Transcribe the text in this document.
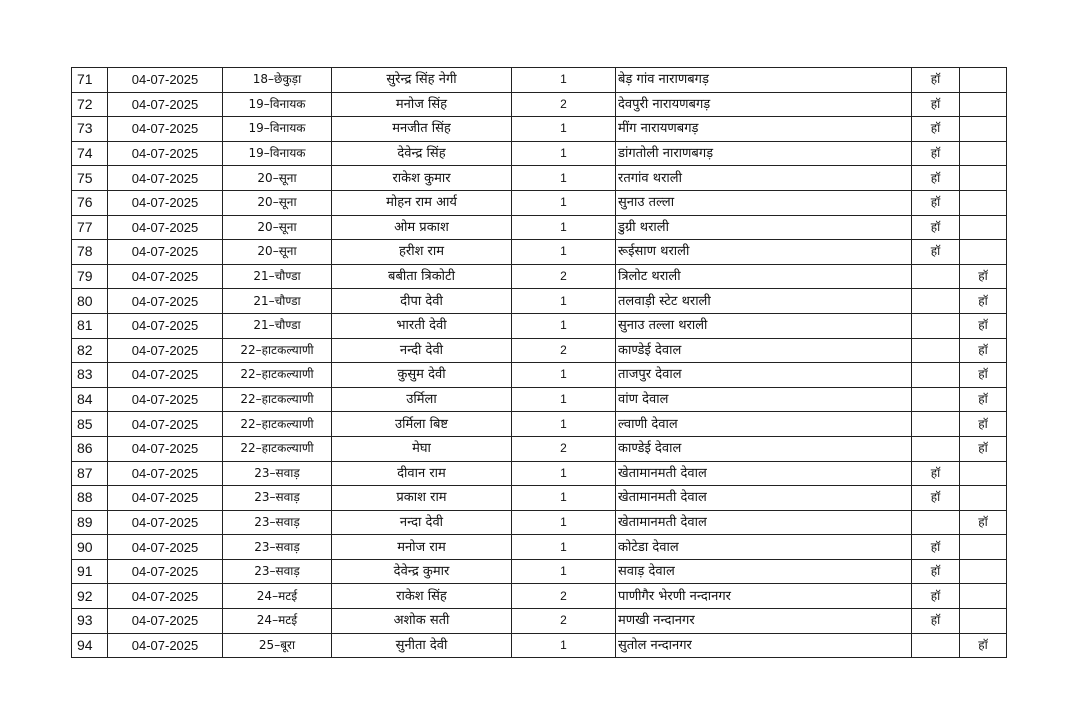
71	04-07-2025	18–छेकुड़ा	सुरेन्द्र सिंह नेगी	1	बेड़ गांव नाराणबगड़	हॉ	
72	04-07-2025	19–विनायक	मनोज सिंह	2	देवपुरी नारायणबगड़	हॉ	
73	04-07-2025	19–विनायक	मनजीत सिंह	1	मींग नारायणबगड़	हॉ	
74	04-07-2025	19–विनायक	देवेन्द्र सिंह	1	डांगतोली नाराणबगड़	हॉ	
75	04-07-2025	20–सूना	राकेश कुमार	1	रतगांव थराली	हॉ	
76	04-07-2025	20–सूना	मोहन राम आर्य	1	सुनाउ तल्ला	हॉ	
77	04-07-2025	20–सूना	ओम प्रकाश	1	डुग्री थराली	हॉ	
78	04-07-2025	20–सूना	हरीश राम	1	रूईसाण थराली	हॉ	
79	04-07-2025	21–चौण्डा	बबीता त्रिकोटी	2	त्रिलोट थराली		हॉ
80	04-07-2025	21–चौण्डा	दीपा देवी	1	तलवाड़ी स्टेट थराली		हॉ
81	04-07-2025	21–चौण्डा	भारती देवी	1	सुनाउ तल्ला थराली		हॉ
82	04-07-2025	22–हाटकल्याणी	नन्दी देवी	2	काण्डेई देवाल		हॉ
83	04-07-2025	22–हाटकल्याणी	कुसुम देवी	1	ताजपुर देवाल		हॉ
84	04-07-2025	22–हाटकल्याणी	उर्मिला	1	वांण देवाल		हॉ
85	04-07-2025	22–हाटकल्याणी	उर्मिला बिष्ट	1	ल्वाणी देवाल		हॉ
86	04-07-2025	22–हाटकल्याणी	मेघा	2	काण्डेई देवाल		हॉ
87	04-07-2025	23–सवाड़	दीवान राम	1	खेतामानमती देवाल	हॉ	
88	04-07-2025	23–सवाड़	प्रकाश राम	1	खेतामानमती देवाल	हॉ	
89	04-07-2025	23–सवाड़	नन्दा देवी	1	खेतामानमती देवाल		हॉ
90	04-07-2025	23–सवाड़	मनोज राम	1	कोटेडा देवाल	हॉ	
91	04-07-2025	23–सवाड़	देवेन्द्र कुमार	1	सवाड़ देवाल	हॉ	
92	04-07-2025	24–मटई	राकेश सिंह	2	पाणीगैर भेरणी नन्दानगर	हॉ	
93	04-07-2025	24–मटई	अशोक सती	2	मणखी नन्दानगर	हॉ	
94	04-07-2025	25–बूरा	सुनीता देवी	1	सुतोल नन्दानगर		हॉ
